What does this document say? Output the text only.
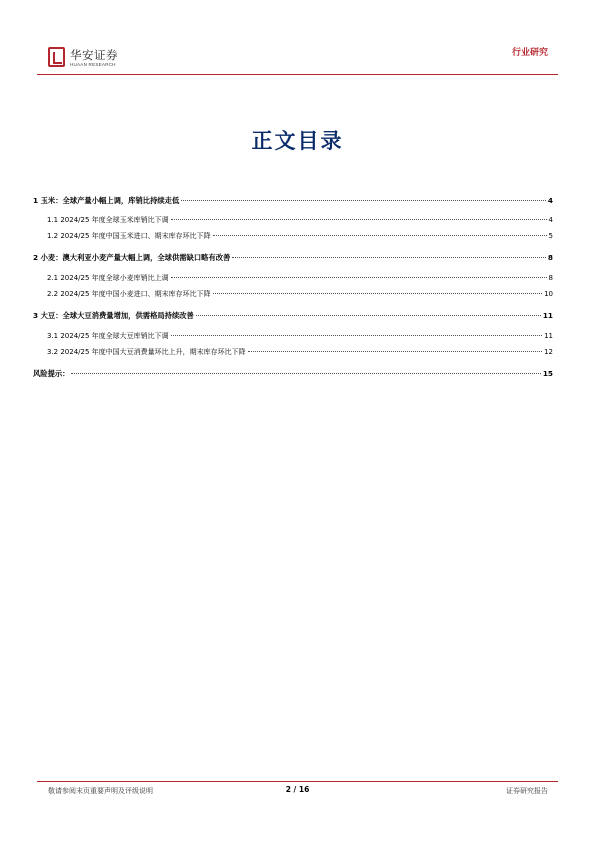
华安证券
HUAAN RESEARCH
行业研究
正文目录
1 玉米：全球产量小幅上调，库销比持续走低	4
1.1 2024/25 年度全球玉米库销比下调	4
1.2 2024/25 年度中国玉米进口、期末库存环比下降	5
2 小麦：澳大利亚小麦产量大幅上调，全球供需缺口略有改善	8
2.1 2024/25 年度全球小麦库销比上调	8
2.2 2024/25 年度中国小麦进口、期末库存环比下降	10
3 大豆：全球大豆消费量增加，供需格局持续改善	11
3.1 2024/25 年度全球大豆库销比下调	11
3.2 2024/25 年度中国大豆消费量环比上升，期末库存环比下降	12
风险提示：	15
敬请参阅末页重要声明及评级说明	2 / 16	证券研究报告
